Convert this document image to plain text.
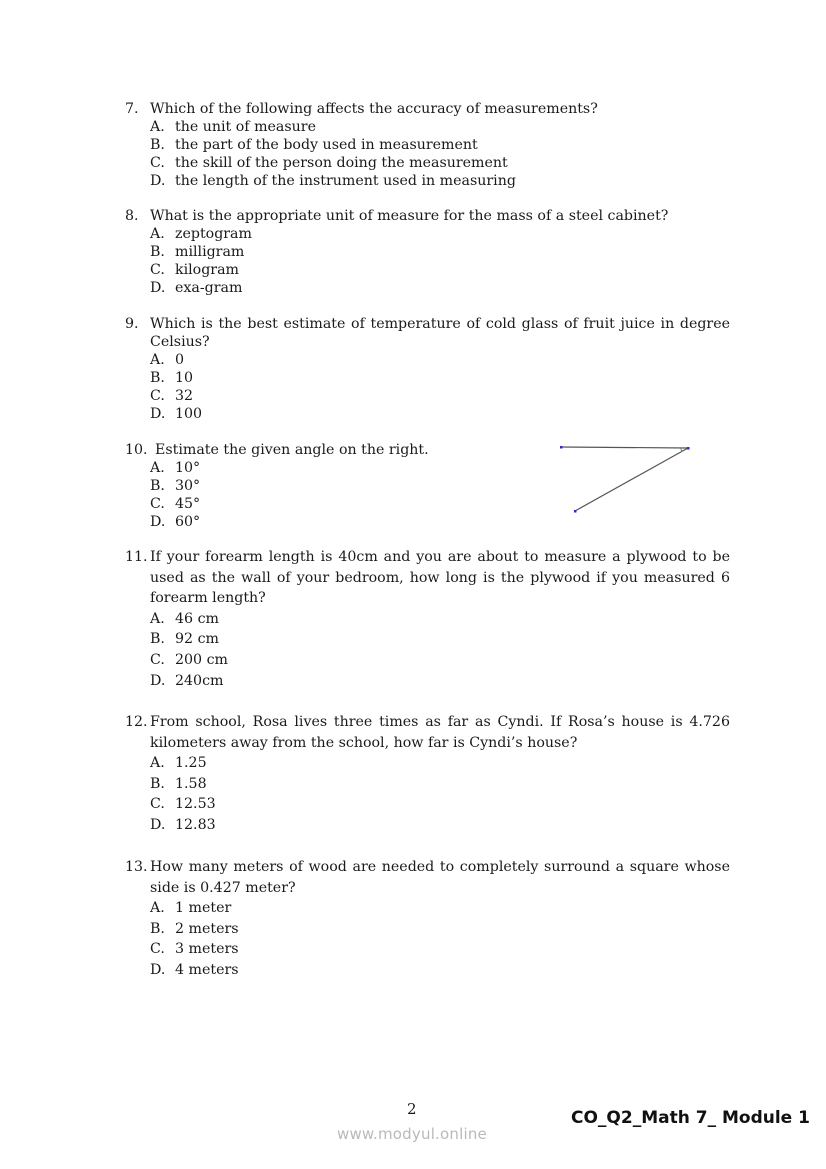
7. Which of the following affects the accuracy of measurements?
A. the unit of measure
B. the part of the body used in measurement
C. the skill of the person doing the measurement
D. the length of the instrument used in measuring
8. What is the appropriate unit of measure for the mass of a steel cabinet?
A. zeptogram
B. milligram
C. kilogram
D. exa-gram
9. Which is the best estimate of temperature of cold glass of fruit juice in degree Celsius?
A. 0
B. 10
C. 32
D. 100
10. Estimate the given angle on the right.
A. 10°
B. 30°
C. 45°
D. 60°
11. If your forearm length is 40cm and you are about to measure a plywood to be used as the wall of your bedroom, how long is the plywood if you measured 6 forearm length?
A. 46 cm
B. 92 cm
C. 200 cm
D. 240cm
12. From school, Rosa lives three times as far as Cyndi. If Rosa’s house is 4.726 kilometers away from the school, how far is Cyndi’s house?
A. 1.25
B. 1.58
C. 12.53
D. 12.83
13. How many meters of wood are needed to completely surround a square whose side is 0.427 meter?
A. 1 meter
B. 2 meters
C. 3 meters
D. 4 meters
2
www.modyul.online
CO_Q2_Math 7_ Module 1
